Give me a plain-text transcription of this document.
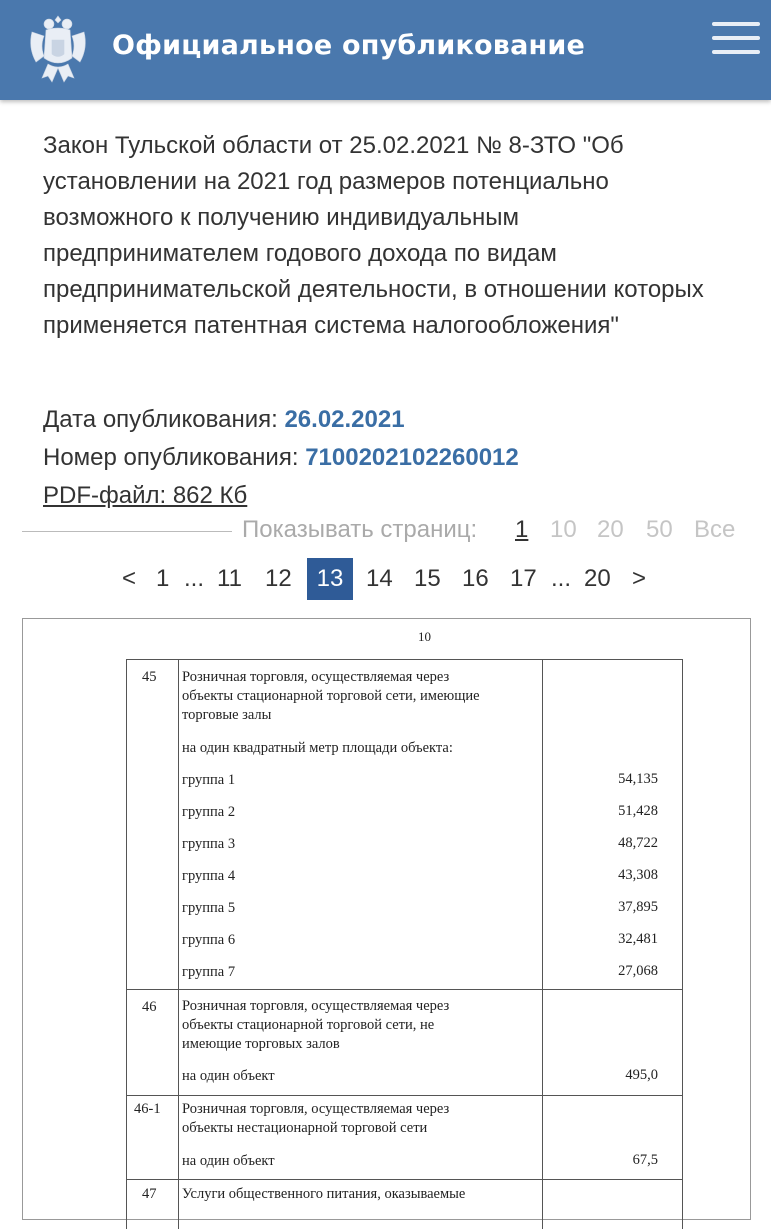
Официальное опубликование
Закон Тульской области от 25.02.2021 № 8-ЗТО "Об установлении на 2021 год размеров потенциально возможного к получению индивидуальным предпринимателем годового дохода по видам предпринимательской деятельности, в отношении которых применяется патентная система налогообложения"
Дата опубликования: 26.02.2021
Номер опубликования: 7100202102260012
PDF-файл: 862 Кб
Показывать страниц: 1 10 20 50 Все
< 1 ... 11 12	13 14 15 16 17 ... 20 >
10
45 Розничная торговля, осуществляемая через
объекты стационарной торговой сети, имеющие
торговые залы
на один квадратный метр площади объекта:
группа 1	54,135
группа 2	51,428
группа 3	48,722
группа 4	43,308
группа 5	37,895
группа 6	32,481
группа 7	27,068
46 Розничная торговля, осуществляемая через
объекты стационарной торговой сети, не
имеющие торговых залов
на один объект	495,0
46-1 Розничная торговля, осуществляемая через
объекты нестационарной торговой сети
на один объект	67,5
47 Услуги общественного питания, оказываемые
